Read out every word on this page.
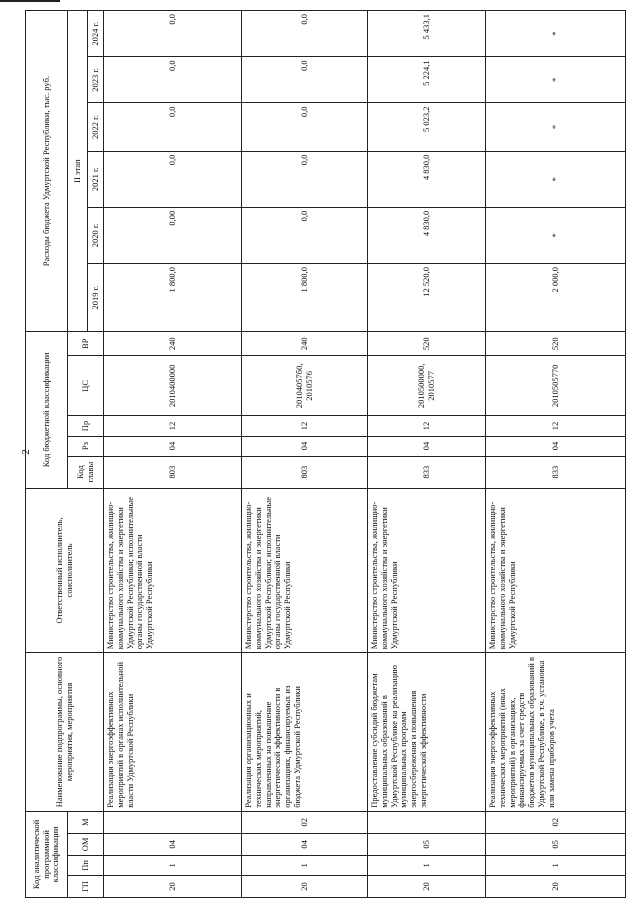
2
Код аналитической программной классификации				Наименование подпрограммы, основного мероприятия, мероприятия	Ответственный исполнитель, соисполнитель	Код бюджетной классификации					Расходы бюджета Удмуртской Республики, тыс. руб.					
ГП	Пп	ОМ	М			Код главы	Рз	Пр	ЦС	ВР	II этап					
											2019 г.	2020 г.	2021 г.	2022 г.	2023 г.	2024 г.
20	1	04		Реализация энергоэффективных мероприятий в органах исполнительной власти Удмуртской Республики	Министерство строительства, жилищно-коммунального хозяйства и энергетики Удмуртской Республики; исполнительные органы государственной власти Удмуртской Республики	803	04	12	2010400000	240	1 800,0	0,00	0,0	0,0	0,0	0,0
20	1	04	02	Реализация организационных и технических мероприятий, направленных на повышение энергетической эффективности в организациях, финансируемых из бюджета Удмуртской Республики	Министерство строительства, жилищно-коммунального хозяйства и энергетики Удмуртской Республики; исполнительные органы государственной власти Удмуртской Республики	803	04	12	20104057б0, 2010576	240	1 800,0	0,0	0,0	0,0	0,0	0,0
20	1	05		Предоставление субсидий бюджетам муниципальных образований в Удмуртской Республике на реализацию муниципальных программ энергосбережения и повышения энергетической эффективности	Министерство строительства, жилищно-коммунального хозяйства и энергетики Удмуртской Республики	833	04	12	2010500000, 2010577	520	12 520,0	4 830,0	4 830,0	5 023,2	5 224,1	5 433,1
20	1	05	02	Реализация энергоэффективных технических мероприятий (иных мероприятий) в организациях, финансируемых за счет средств бюджетов муниципальных образований в Удмуртской Республике, в т.ч. установка или замена приборов учета	Министерство строительства, жилищно-коммунального хозяйства и энергетики Удмуртской Республики	833	04	12	2010505770	520	2 000,0	*	*	*	*	*
